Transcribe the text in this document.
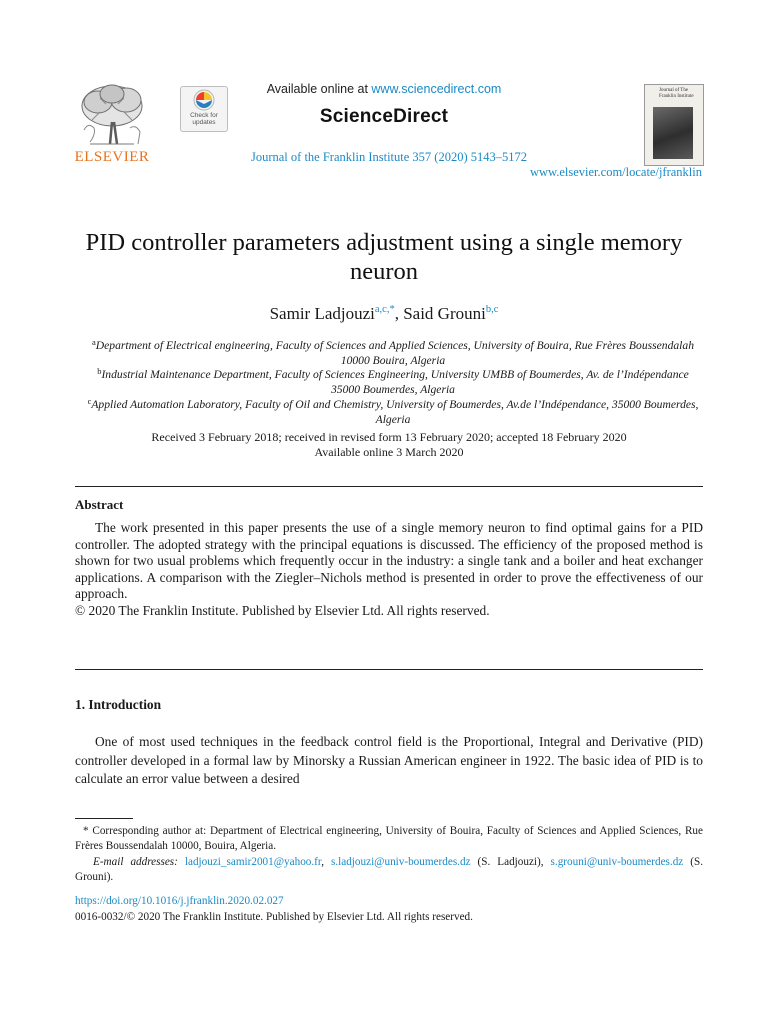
ELSEVIER
Check for updates
Available online at www.sciencedirect.com
ScienceDirect
Journal of the Franklin Institute 357 (2020) 5143–5172
Journal of The Franklin Institute
www.elsevier.com/locate/jfranklin
PID controller parameters adjustment using a single memory neuron
Samir Ladjouzi$^{a,c,*}$, Said Grouni$^{b,c}$
$^a$Department of Electrical engineering, Faculty of Sciences and Applied Sciences, University of Bouira, Rue Frères Boussendalah 10000 Bouira, Algeria
$^b$Industrial Maintenance Department, Faculty of Sciences Engineering, University UMBB of Boumerdes, Av. de l’Indépendance 35000 Boumerdes, Algeria
$^c$Applied Automation Laboratory, Faculty of Oil and Chemistry, University of Boumerdes, Av.de l’Indépendance, 35000 Boumerdes, Algeria
Received 3 February 2018; received in revised form 13 February 2020; accepted 18 February 2020
Available online 3 March 2020
Abstract

The work presented in this paper presents the use of a single memory neuron to find optimal gains for a PID controller. The adopted strategy with the principal equations is discussed. The efficiency of the proposed method is shown for two usual problems which frequently occur in the industry: a single tank and a boiler and heat exchanger applications. A comparison with the Ziegler–Nichols method is presented in order to prove the effectiveness of our approach.

© 2020 The Franklin Institute. Published by Elsevier Ltd. All rights reserved.

1. Introduction

One of most used techniques in the feedback control field is the Proportional, Integral and Derivative (PID) controller developed in a formal law by Minorsky a Russian American engineer in 1922. The basic idea of PID is to calculate an error value between a desired

* Corresponding author at: Department of Electrical engineering, University of Bouira, Faculty of Sciences and Applied Sciences, Rue Frères Boussendalah 10000, Bouira, Algeria.

E-mail addresses: ladjouzi_samir2001@yahoo.fr, s.ladjouzi@univ-boumerdes.dz (S. Ladjouzi), s.grouni@univ-boumerdes.dz (S. Grouni).

https://doi.org/10.1016/j.jfranklin.2020.02.027
0016-0032/© 2020 The Franklin Institute. Published by Elsevier Ltd. All rights reserved.
